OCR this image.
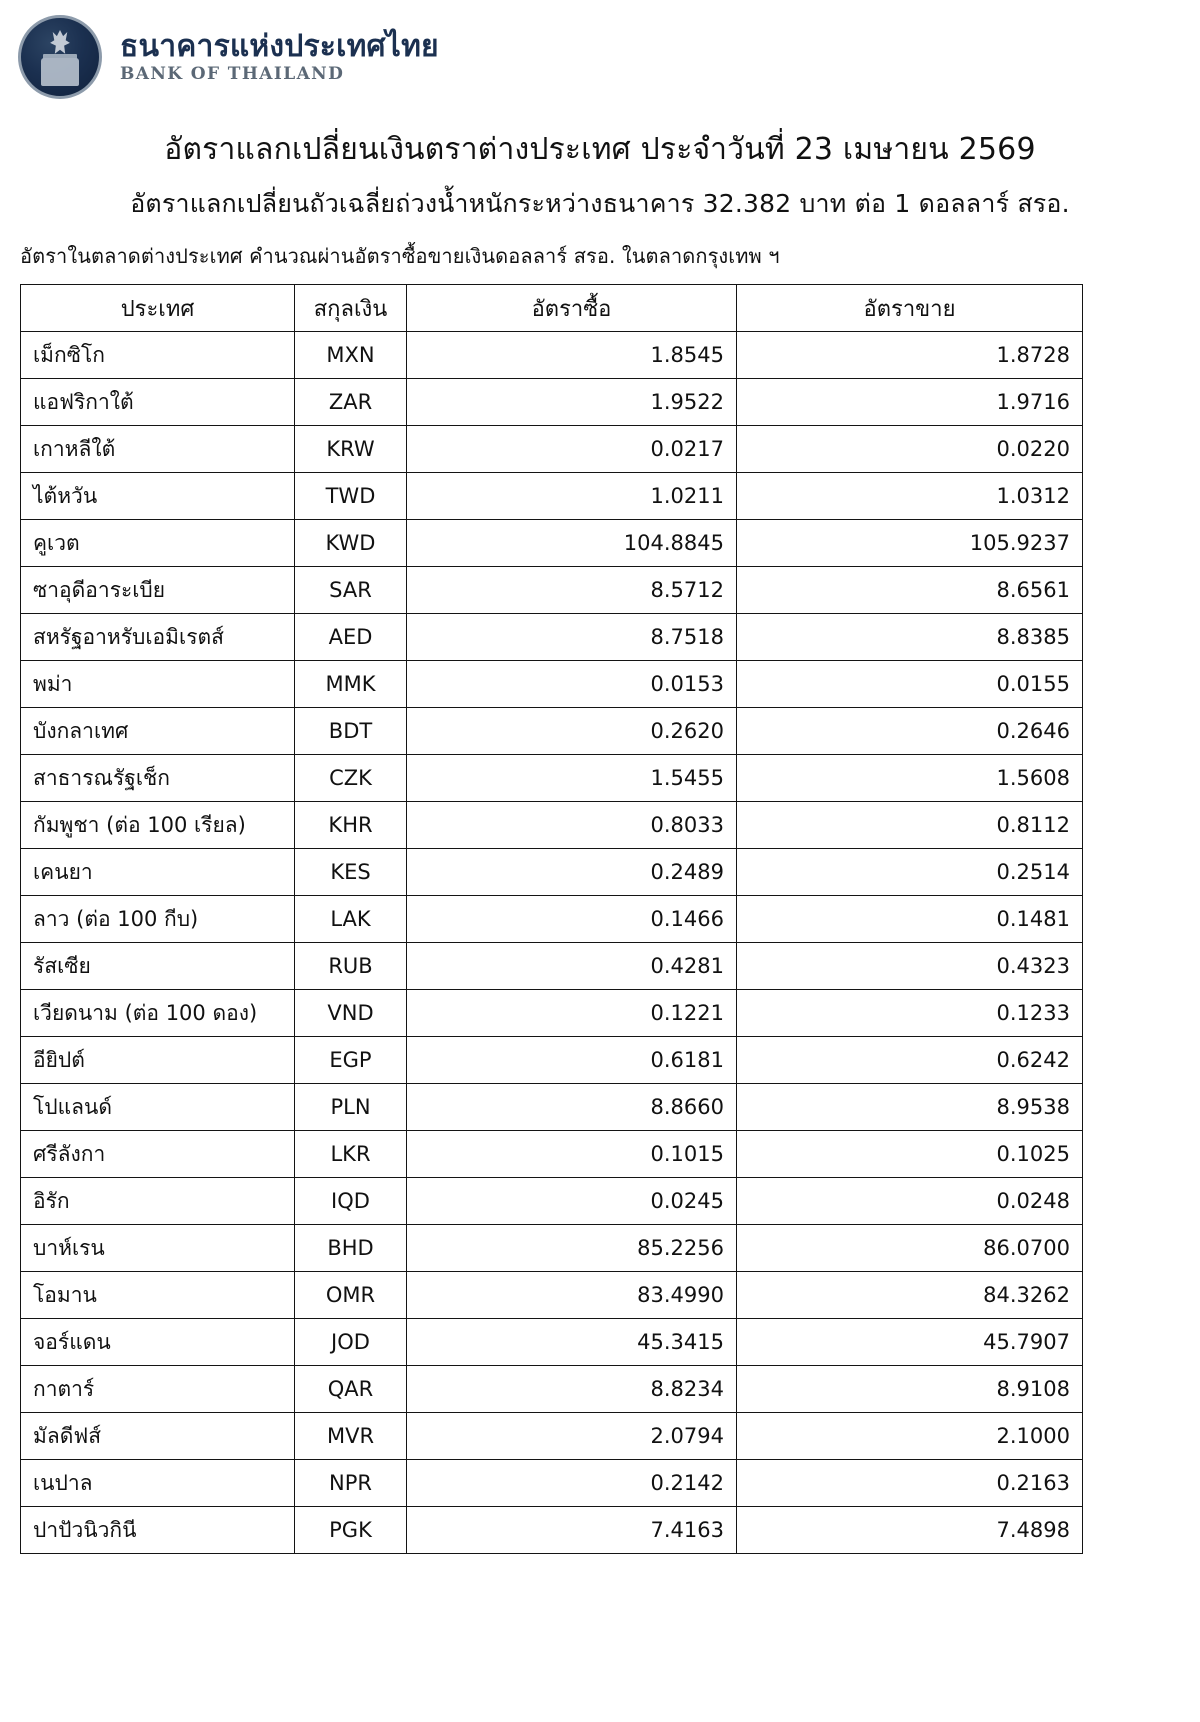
ธนาคารแห่งประเทศไทย
BANK OF THAILAND
อัตราแลกเปลี่ยนเงินตราต่างประเทศ ประจำวันที่ 23 เมษายน 2569
อัตราแลกเปลี่ยนถัวเฉลี่ยถ่วงน้ำหนักระหว่างธนาคาร 32.382 บาท ต่อ 1 ดอลลาร์ สรอ.
อัตราในตลาดต่างประเทศ คำนวณผ่านอัตราซื้อขายเงินดอลลาร์ สรอ. ในตลาดกรุงเทพ ฯ
ประเทศ	สกุลเงิน	อัตราซื้อ	อัตราขาย
เม็กซิโก	MXN	1.8545	1.8728
แอฟริกาใต้	ZAR	1.9522	1.9716
เกาหลีใต้	KRW	0.0217	0.0220
ไต้หวัน	TWD	1.0211	1.0312
คูเวต	KWD	104.8845	105.9237
ซาอุดีอาระเบีย	SAR	8.5712	8.6561
สหรัฐอาหรับเอมิเรตส์	AED	8.7518	8.8385
พม่า	MMK	0.0153	0.0155
บังกลาเทศ	BDT	0.2620	0.2646
สาธารณรัฐเช็ก	CZK	1.5455	1.5608
กัมพูชา (ต่อ 100 เรียล)	KHR	0.8033	0.8112
เคนยา	KES	0.2489	0.2514
ลาว (ต่อ 100 กีบ)	LAK	0.1466	0.1481
รัสเซีย	RUB	0.4281	0.4323
เวียดนาม (ต่อ 100 ดอง)	VND	0.1221	0.1233
อียิปต์	EGP	0.6181	0.6242
โปแลนด์	PLN	8.8660	8.9538
ศรีลังกา	LKR	0.1015	0.1025
อิรัก	IQD	0.0245	0.0248
บาห์เรน	BHD	85.2256	86.0700
โอมาน	OMR	83.4990	84.3262
จอร์แดน	JOD	45.3415	45.7907
กาตาร์	QAR	8.8234	8.9108
มัลดีฟส์	MVR	2.0794	2.1000
เนปาล	NPR	0.2142	0.2163
ปาปัวนิวกินี	PGK	7.4163	7.4898
